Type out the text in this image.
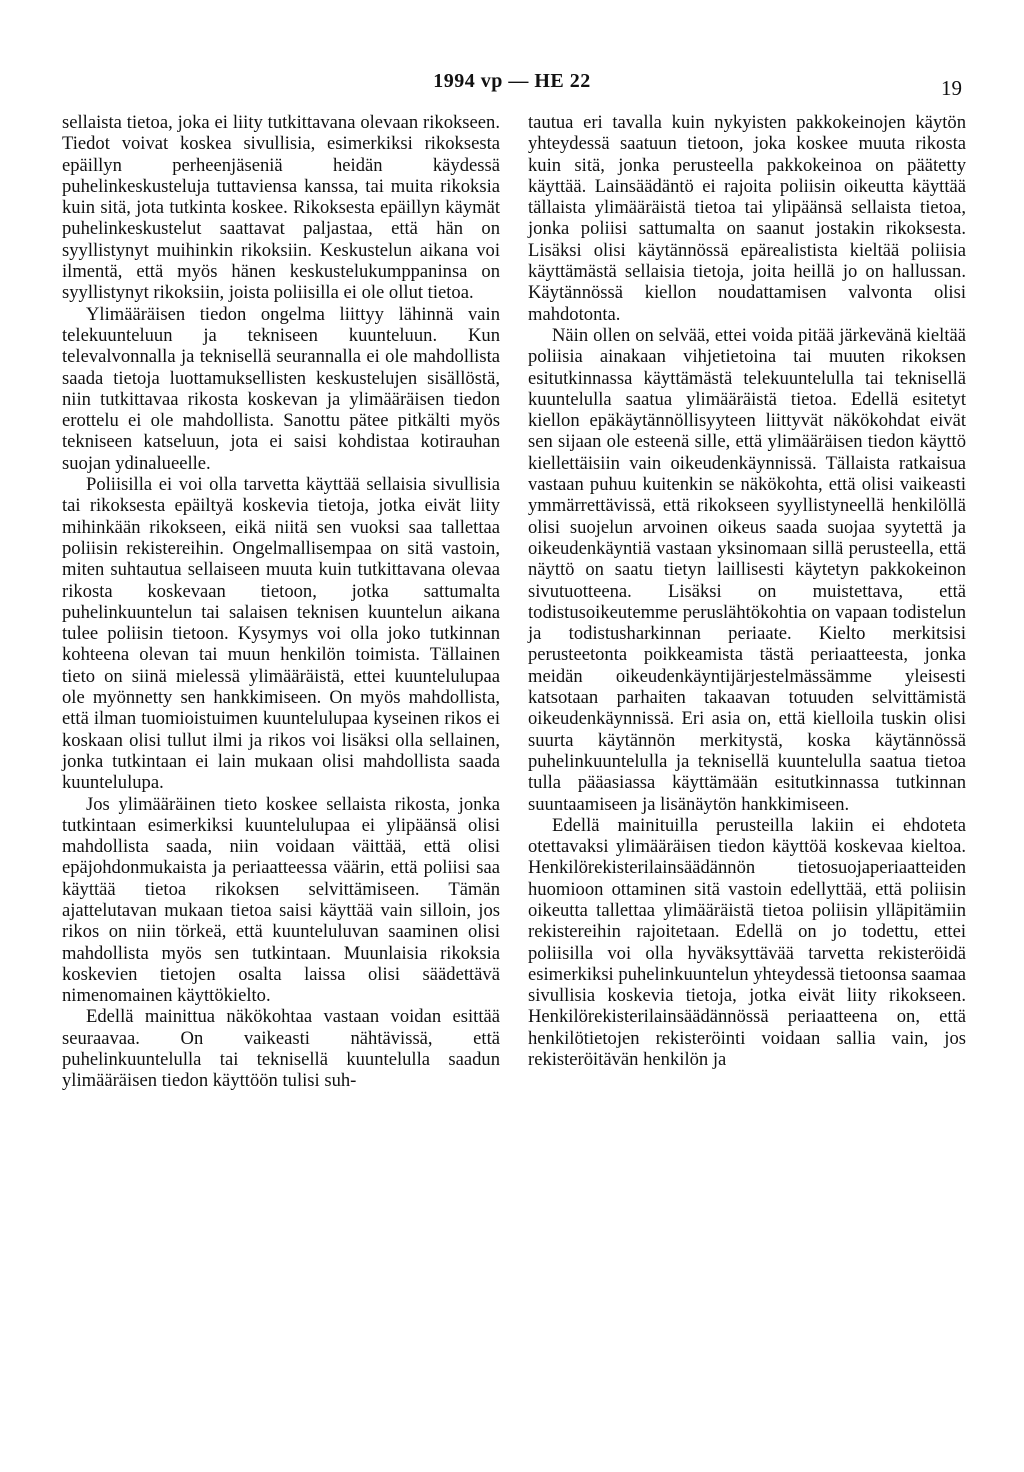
1994 vp — HE 22	19

sellaista tietoa, joka ei liity tutkittavana olevaan rikokseen. Tiedot voivat koskea sivullisia, esimerkiksi rikoksesta epäillyn perheenjäseniä heidän käydessä puhelinkeskusteluja tuttaviensa kanssa, tai muita rikoksia kuin sitä, jota tutkinta koskee. Rikoksesta epäillyn käymät puhelinkeskustelut saattavat paljastaa, että hän on syyllistynyt muihinkin rikoksiin. Keskustelun aikana voi ilmentä, että myös hänen keskustelukumppaninsa on syyllistynyt rikoksiin, joista poliisilla ei ole ollut tietoa.

Ylimääräisen tiedon ongelma liittyy lähinnä vain telekuunteluun ja tekniseen kuunteluun. Kun televalvonnalla ja teknisellä seurannalla ei ole mahdollista saada tietoja luottamuksellisten keskustelujen sisällöstä, niin tutkittavaa rikosta koskevan ja ylimääräisen tiedon erottelu ei ole mahdollista. Sanottu pätee pitkälti myös tekniseen katseluun, jota ei saisi kohdistaa kotirauhan suojan ydinalueelle.

Poliisilla ei voi olla tarvetta käyttää sellaisia sivullisia tai rikoksesta epäiltyä koskevia tietoja, jotka eivät liity mihinkään rikokseen, eikä niitä sen vuoksi saa tallettaa poliisin rekistereihin. Ongelmallisempaa on sitä vastoin, miten suhtautua sellaiseen muuta kuin tutkittavana olevaa rikosta koskevaan tietoon, jotka sattumalta puhelinkuuntelun tai salaisen teknisen kuuntelun aikana tulee poliisin tietoon. Kysymys voi olla joko tutkinnan kohteena olevan tai muun henkilön toimista. Tällainen tieto on siinä mielessä ylimääräistä, ettei kuuntelulupaa ole myönnetty sen hankkimiseen. On myös mahdollista, että ilman tuomioistuimen kuuntelulupaa kyseinen rikos ei koskaan olisi tullut ilmi ja rikos voi lisäksi olla sellainen, jonka tutkintaan ei lain mukaan olisi mahdollista saada kuuntelulupa.

Jos ylimääräinen tieto koskee sellaista rikosta, jonka tutkintaan esimerkiksi kuuntelulupaa ei ylipäänsä olisi mahdollista saada, niin voidaan väittää, että olisi epäjohdonmukaista ja periaatteessa väärin, että poliisi saa käyttää tietoa rikoksen selvittämiseen. Tämän ajattelutavan mukaan tietoa saisi käyttää vain silloin, jos rikos on niin törkeä, että kuunteluluvan saaminen olisi mahdollista myös sen tutkintaan. Muunlaisia rikoksia koskevien tietojen osalta laissa olisi säädettävä nimenomainen käyttökielto.

Edellä mainittua näkökohtaa vastaan voidan esittää seuraavaa. On vaikeasti nähtävissä, että puhelinkuuntelulla tai teknisellä kuuntelulla saadun ylimääräisen tiedon käyttöön tulisi suh-

tautua eri tavalla kuin nykyisten pakkokeinojen käytön yhteydessä saatuun tietoon, joka koskee muuta rikosta kuin sitä, jonka perusteella pakkokeinoa on päätetty käyttää. Lainsäädäntö ei rajoita poliisin oikeutta käyttää tällaista ylimääräistä tietoa tai ylipäänsä sellaista tietoa, jonka poliisi sattumalta on saanut jostakin rikoksesta. Lisäksi olisi käytännössä epärealistista kieltää poliisia käyttämästä sellaisia tietoja, joita heillä jo on hallussan. Käytännössä kiellon noudattamisen valvonta olisi mahdotonta.

Näin ollen on selvää, ettei voida pitää järkevänä kieltää poliisia ainakaan vihjetietoina tai muuten rikoksen esitutkinnassa käyttämästä telekuuntelulla tai teknisellä kuuntelulla saatua ylimääräistä tietoa. Edellä esitetyt kiellon epäkäytännöllisyyteen liittyvät näkökohdat eivät sen sijaan ole esteenä sille, että ylimääräisen tiedon käyttö kiellettäisiin vain oikeudenkäynnissä. Tällaista ratkaisua vastaan puhuu kuitenkin se näkökohta, että olisi vaikeasti ymmärrettävissä, että rikokseen syyllistyneellä henkilöllä olisi suojelun arvoinen oikeus saada suojaa syytettä ja oikeudenkäyntiä vastaan yksinomaan sillä perusteella, että näyttö on saatu tietyn laillisesti käytetyn pakkokeinon sivutuotteena. Lisäksi on muistettava, että todistusoikeutemme peruslähtökohtia on vapaan todistelun ja todistusharkinnan periaate. Kielto merkitsisi perusteetonta poikkeamista tästä periaatteesta, jonka meidän oikeudenkäyntijärjestelmässämme yleisesti katsotaan parhaiten takaavan totuuden selvittämistä oikeudenkäynnissä. Eri asia on, että kielloila tuskin olisi suurta käytännön merkitystä, koska käytännössä puhelinkuuntelulla ja teknisellä kuuntelulla saatua tietoa tulla pääasiassa käyttämään esitutkinnassa tutkinnan suuntaamiseen ja lisänäytön hankkimiseen.

Edellä mainituilla perusteilla lakiin ei ehdoteta otettavaksi ylimääräisen tiedon käyttöä koskevaa kieltoa. Henkilörekisterilainsäädännön tietosuojaperiaatteiden huomioon ottaminen sitä vastoin edellyttää, että poliisin oikeutta tallettaa ylimääräistä tietoa poliisin ylläpitämiin rekistereihin rajoitetaan. Edellä on jo todettu, ettei poliisilla voi olla hyväksyttävää tarvetta rekisteröidä esimerkiksi puhelinkuuntelun yhteydessä tietoonsa saamaa sivullisia koskevia tietoja, jotka eivät liity rikokseen. Henkilörekisterilainsäädännössä periaatteena on, että henkilötietojen rekisteröinti voidaan sallia vain, jos rekisteröitävän henkilön ja
